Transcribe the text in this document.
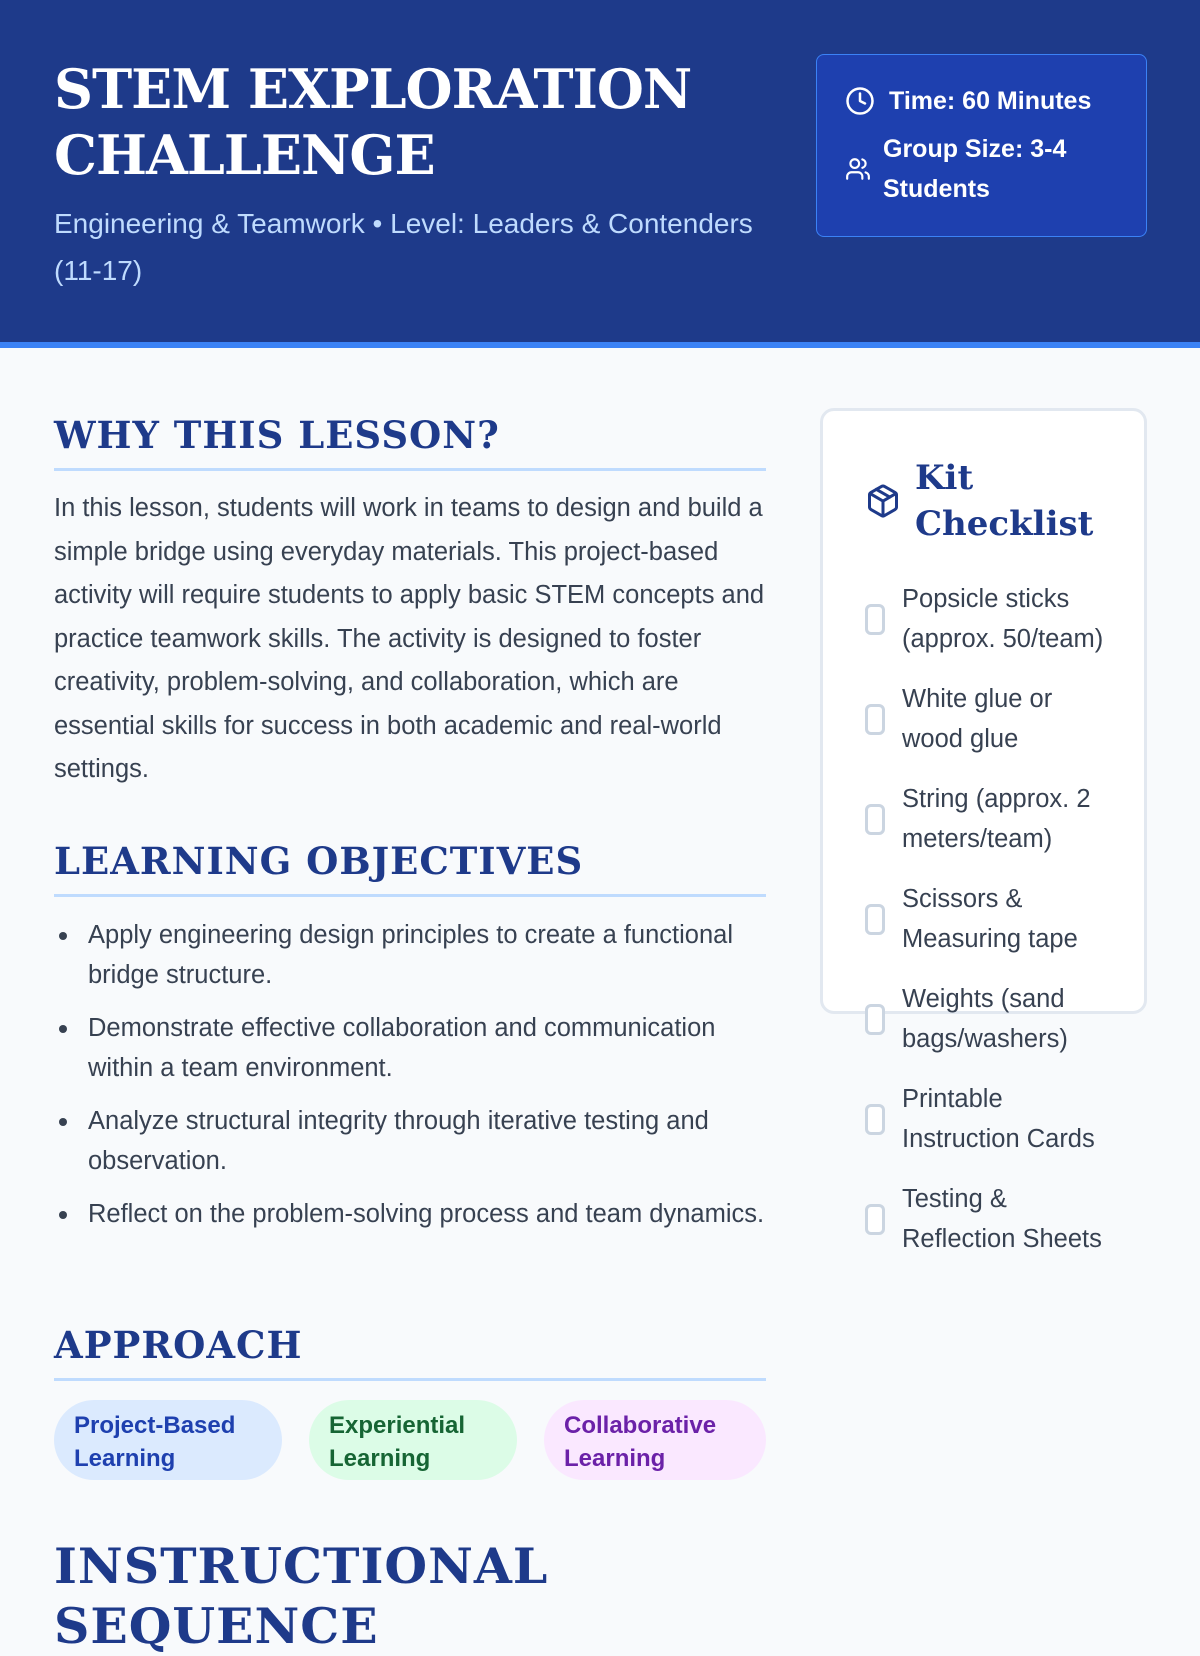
STEM EXPLORATION CHALLENGE
Engineering & Teamwork • Level: Leaders & Contenders (11-17)
Time: 60 Minutes
Group Size: 3-4 Students
WHY THIS LESSON?

In this lesson, students will work in teams to design and build a simple bridge using everyday materials. This project-based activity will require students to apply basic STEM concepts and practice teamwork skills. The activity is designed to foster creativity, problem-solving, and collaboration, which are essential skills for success in both academic and real-world settings.

LEARNING OBJECTIVES
Apply engineering design principles to create a functional bridge structure.
Demonstrate effective collaboration and communication within a team environment.
Analyze structural integrity through iterative testing and observation.
Reflect on the problem-solving process and team dynamics.
APPROACH
Project-Based Learning
Experiential Learning
Collaborative Learning
INSTRUCTIONAL SEQUENCE
Kit Checklist
Popsicle sticks (approx. 50/team)
White glue or wood glue
String (approx. 2 meters/team)
Scissors & Measuring tape
Weights (sand bags/washers)
Printable Instruction Cards
Testing & Reflection Sheets
